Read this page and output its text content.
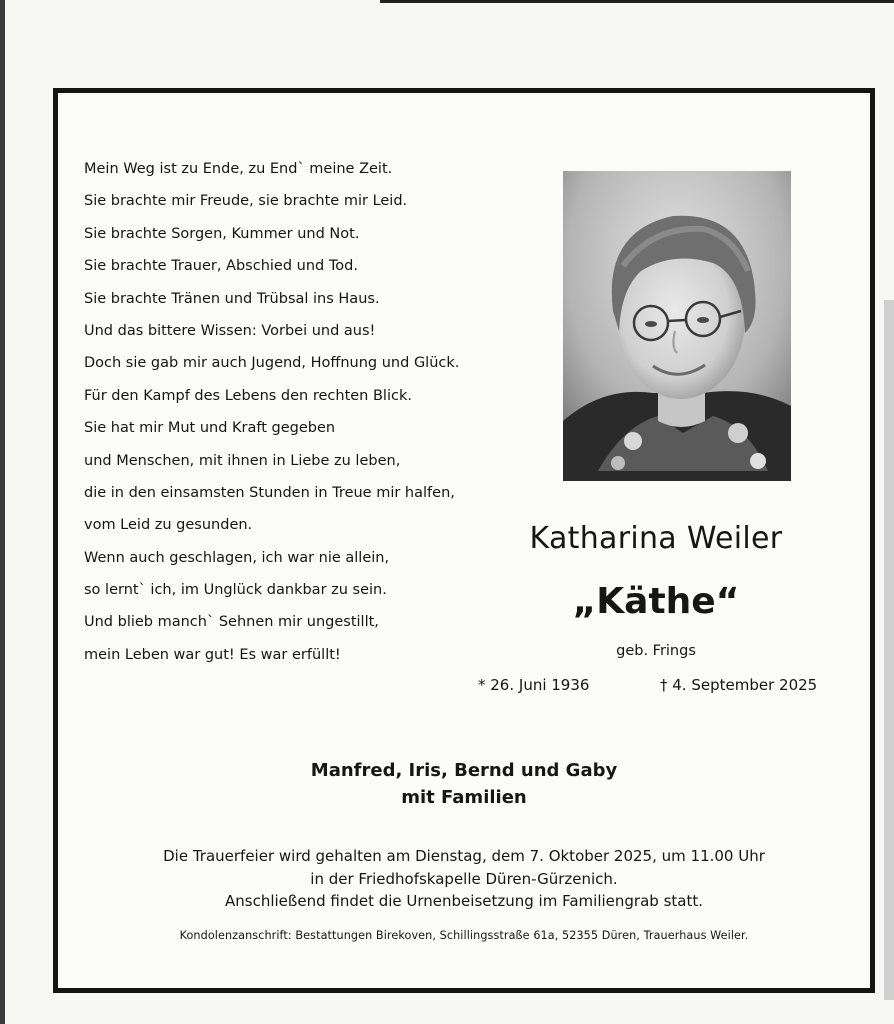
Mein Weg ist zu Ende, zu End` meine Zeit.
Sie brachte mir Freude, sie brachte mir Leid.
Sie brachte Sorgen, Kummer und Not.
Sie brachte Trauer, Abschied und Tod.
Sie brachte Tränen und Trübsal ins Haus.
Und das bittere Wissen: Vorbei und aus!
Doch sie gab mir auch Jugend, Hoffnung und Glück.
Für den Kampf des Lebens den rechten Blick.
Sie hat mir Mut und Kraft gegeben
und Menschen, mit ihnen in Liebe zu leben,
die in den einsamsten Stunden in Treue mir halfen,
vom Leid zu gesunden.
Wenn auch geschlagen, ich war nie allein,
so lernt` ich, im Unglück dankbar zu sein.
Und blieb manch` Sehnen mir ungestillt,
mein Leben war gut! Es war erfüllt!
Katharina Weiler
„Käthe“
geb. Frings
* 26. Juni 1936	† 4. September 2025
Manfred, Iris, Bernd und Gaby
mit Familien
Die Trauerfeier wird gehalten am Dienstag, dem 7. Oktober 2025, um 11.00 Uhr
in der Friedhofskapelle Düren-Gürzenich.
Anschließend findet die Urnenbeisetzung im Familiengrab statt.
Kondolenzanschrift: Bestattungen Birekoven, Schillingsstraße 61a, 52355 Düren, Trauerhaus Weiler.
